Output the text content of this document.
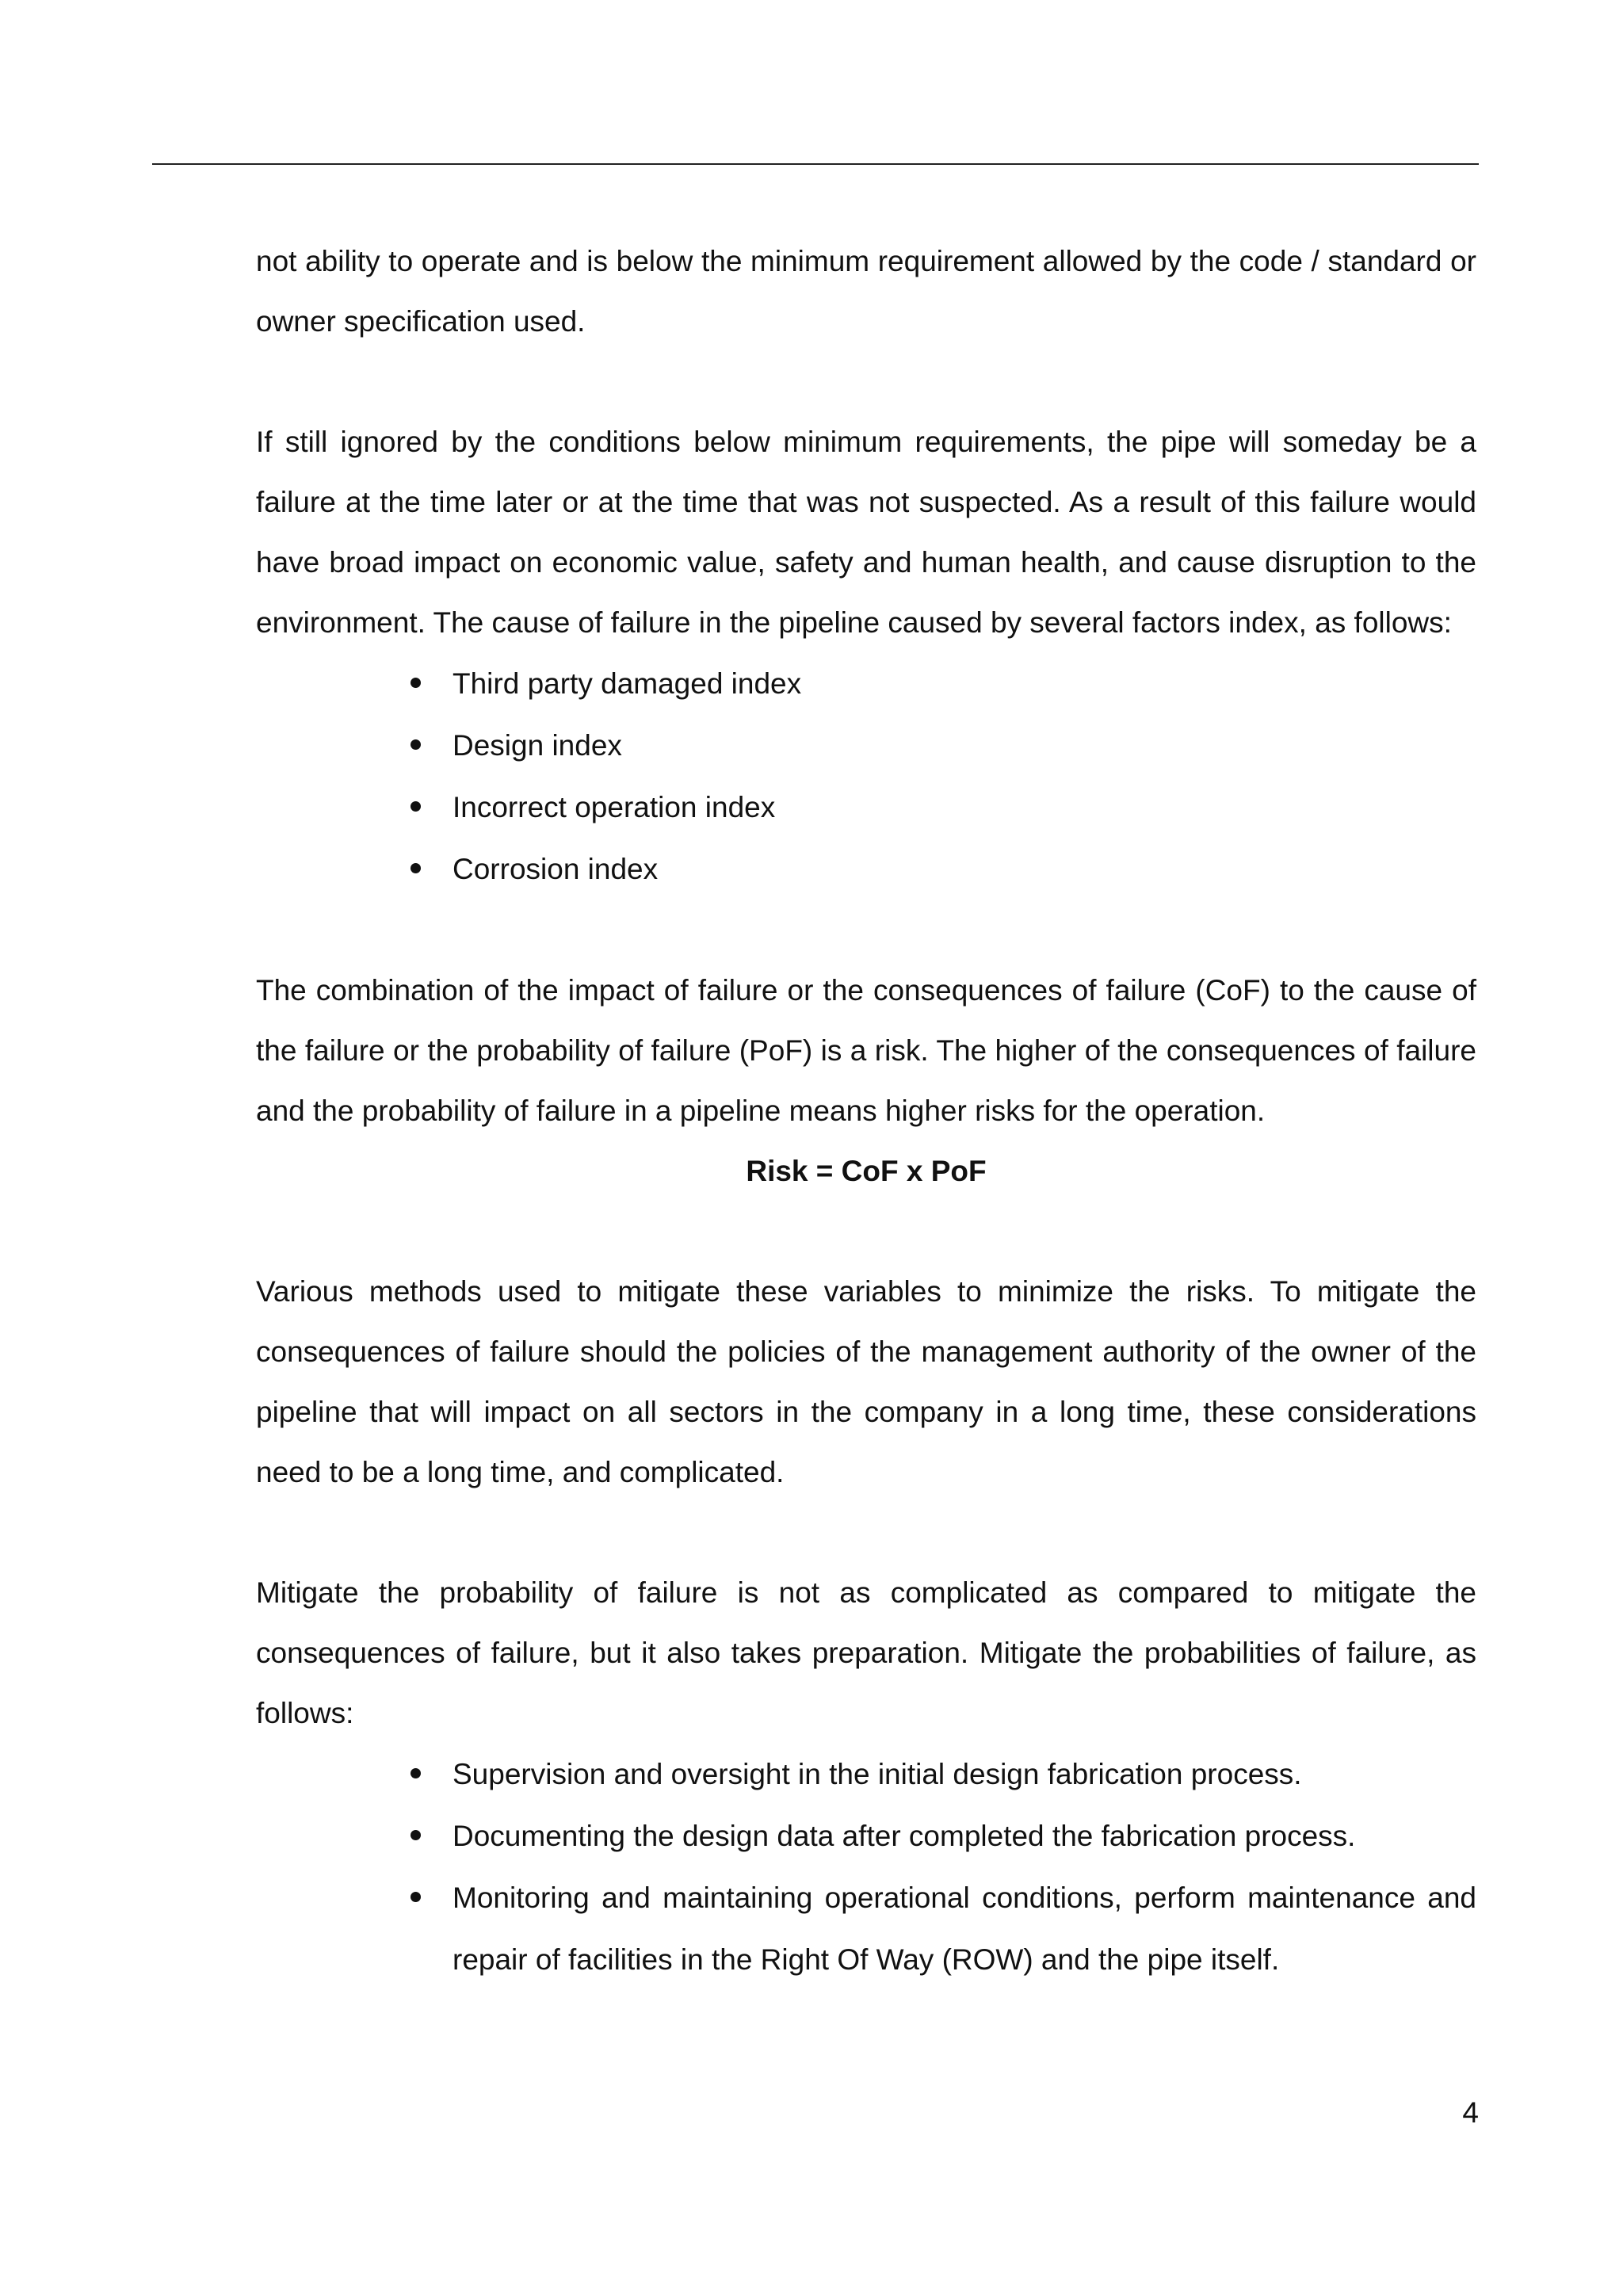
not ability to operate and is below the minimum requirement allowed by the code / standard or owner specification used.

If still ignored by the conditions below minimum requirements, the pipe will someday be a failure at the time later or at the time that was not suspected. As a result of this failure would have broad impact on economic value, safety and human health, and cause disruption to the environment. The cause of failure in the pipeline caused by several factors index, as follows:

Third party damaged index
Design index
Incorrect operation index
Corrosion index

The combination of the impact of failure or the consequences of failure (CoF) to the cause of the failure or the probability of failure (PoF) is a risk. The higher of the consequences of failure and the probability of failure in a pipeline means higher risks for the operation.

Risk = CoF x PoF

Various methods used to mitigate these variables to minimize the risks. To mitigate the consequences of failure should the policies of the management authority of the owner of the pipeline that will impact on all sectors in the company in a long time, these considerations need to be a long time, and complicated.

Mitigate the probability of failure is not as complicated as compared to mitigate the consequences of failure, but it also takes preparation. Mitigate the probabilities of failure, as follows:

Supervision and oversight in the initial design fabrication process.
Documenting the design data after completed the fabrication process.
Monitoring and maintaining operational conditions, perform maintenance and repair of facilities in the Right Of Way (ROW) and the pipe itself.
4
